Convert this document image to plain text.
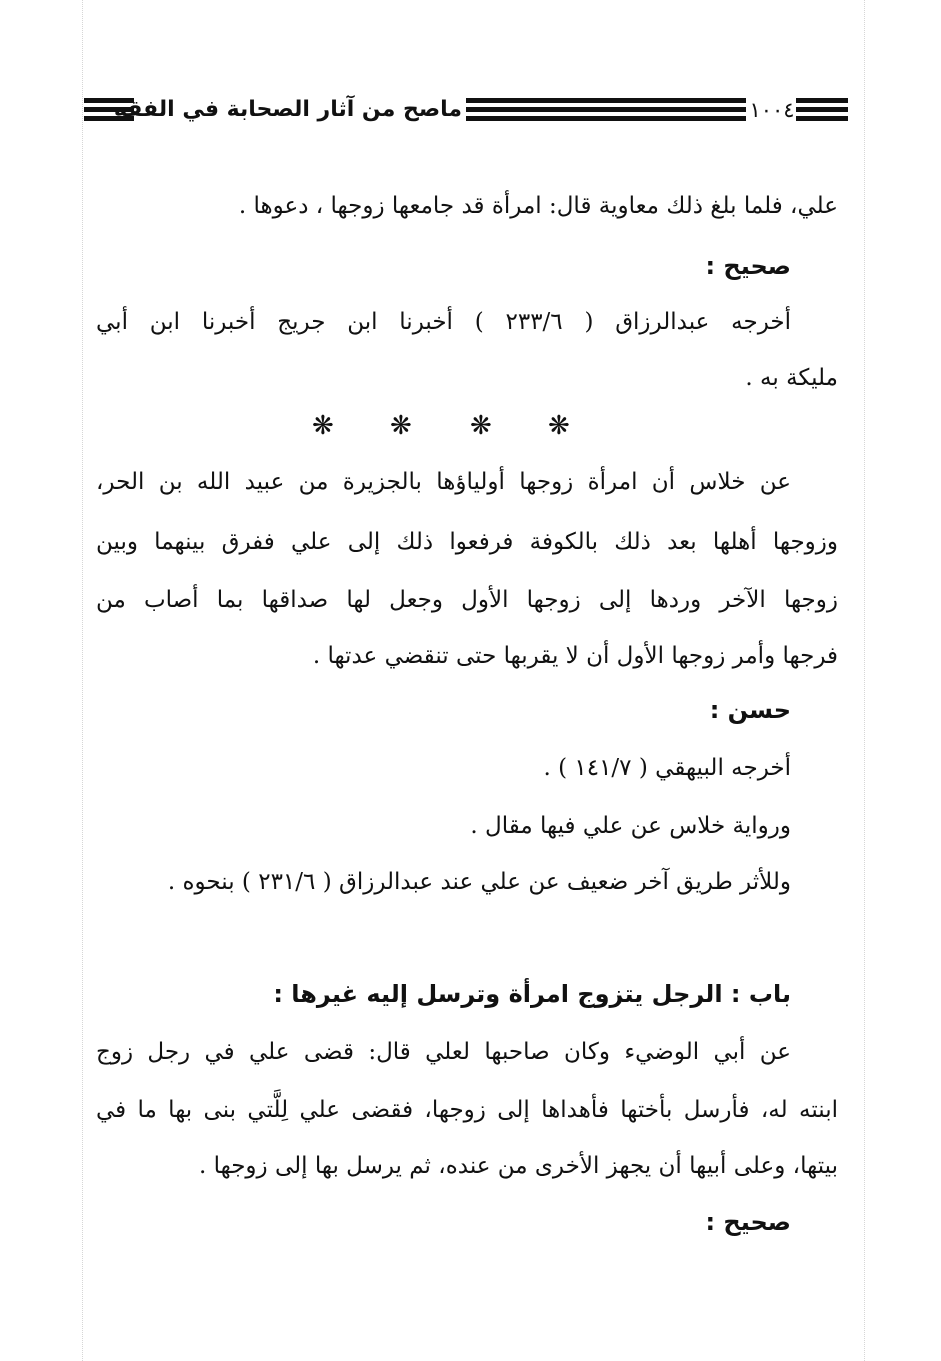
ماصح من آثار الصحابة في الفقه	١٠٠٤
علي، فلما بلغ ذلك معاوية قال: امرأة قد جامعها زوجها ، دعوها .
صحيح :
أخرجه عبدالرزاق ( ٢٣٣/٦ ) أخبرنا ابن جريج أخبرنا ابن أبي
مليكة به .
❋ ❋ ❋ ❋
عن خلاس أن امرأة زوجها أولياؤها بالجزيرة من عبيد الله بن الحر،
وزوجها أهلها بعد ذلك بالكوفة فرفعوا ذلك إلى علي ففرق بينهما وبين
زوجها الآخر وردها إلى زوجها الأول وجعل لها صداقها بما أصاب من
فرجها وأمر زوجها الأول أن لا يقربها حتى تنقضي عدتها .
حسن :
أخرجه البيهقي ( ١٤١/٧ ) .
ورواية خلاس عن علي فيها مقال .
وللأثر طريق آخر ضعيف عن علي عند عبدالرزاق ( ٢٣١/٦ ) بنحوه .
باب : الرجل يتزوج امرأة وترسل إليه غيرها :
عن أبي الوضيء وكان صاحبها لعلي قال: قضى علي في رجل زوج
ابنته له، فأرسل بأختها فأهداها إلى زوجها، فقضى علي لِلَّتي بنى بها ما في
بيتها، وعلى أبيها أن يجهز الأخرى من عنده، ثم يرسل بها إلى زوجها .
صحيح :
